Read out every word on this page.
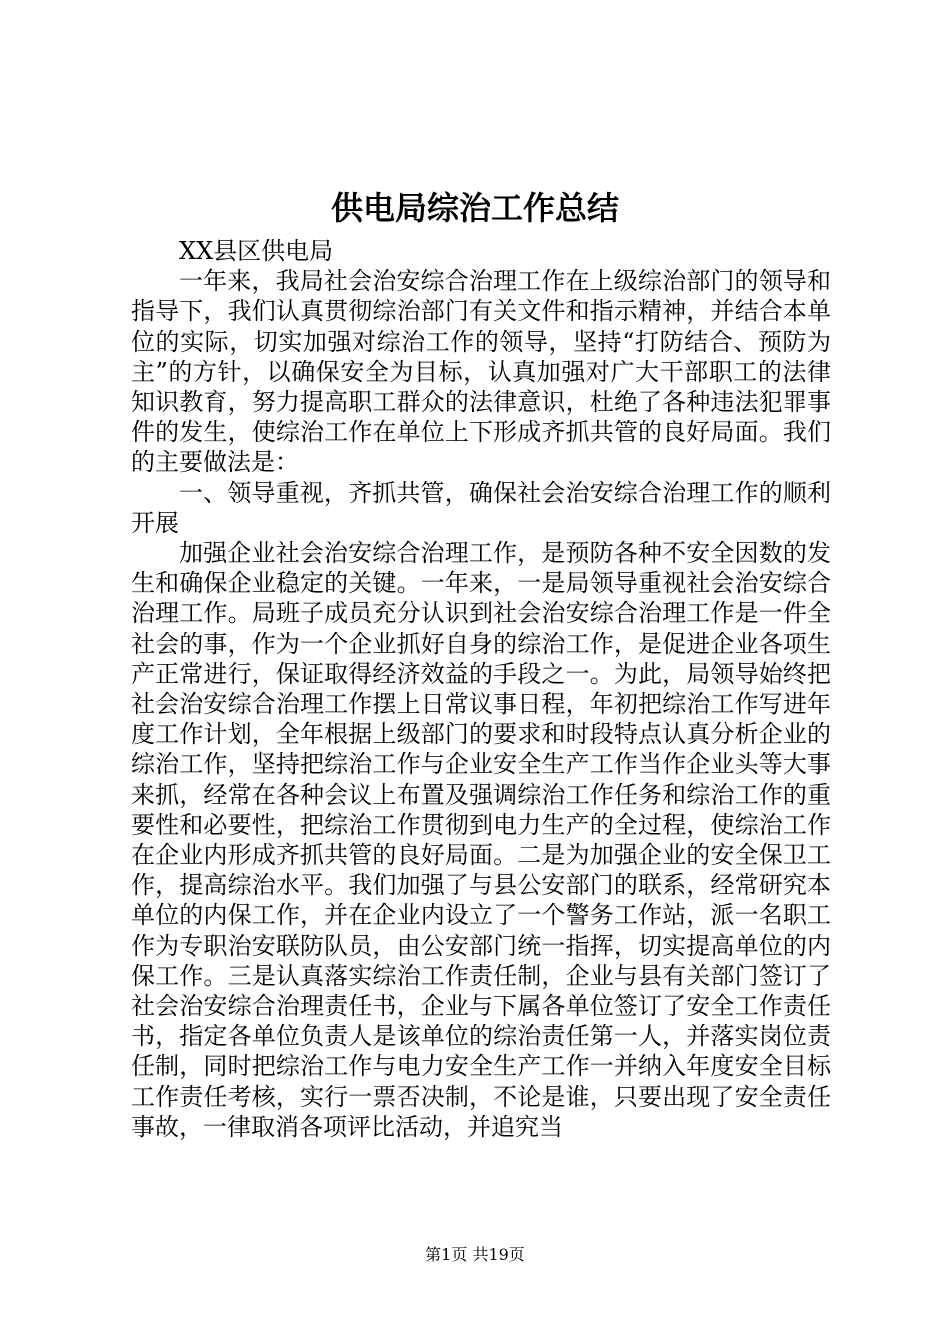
供电局综治工作总结

XX县区供电局

一年来，我局社会治安综合治理工作在上级综治部门的领导和指导下，我们认真贯彻综治部门有关文件和指示精神，并结合本单位的实际，切实加强对综治工作的领导，坚持“打防结合、预防为主”的方针，以确保安全为目标，认真加强对广大干部职工的法律知识教育，努力提高职工群众的法律意识，杜绝了各种违法犯罪事件的发生，使综治工作在单位上下形成齐抓共管的良好局面。我们的主要做法是：

一、领导重视，齐抓共管，确保社会治安综合治理工作的顺利开展

加强企业社会治安综合治理工作，是预防各种不安全因数的发生和确保企业稳定的关键。一年来，一是局领导重视社会治安综合治理工作。局班子成员充分认识到社会治安综合治理工作是一件全社会的事，作为一个企业抓好自身的综治工作，是促进企业各项生产正常进行，保证取得经济效益的手段之一。为此，局领导始终把社会治安综合治理工作摆上日常议事日程，年初把综治工作写进年度工作计划，全年根据上级部门的要求和时段特点认真分析企业的综治工作，坚持把综治工作与企业安全生产工作当作企业头等大事来抓，经常在各种会议上布置及强调综治工作任务和综治工作的重要性和必要性，把综治工作贯彻到电力生产的全过程，使综治工作在企业内形成齐抓共管的良好局面。二是为加强企业的安全保卫工作，提高综治水平。我们加强了与县公安部门的联系，经常研究本单位的内保工作，并在企业内设立了一个警务工作站，派一名职工作为专职治安联防队员，由公安部门统一指挥，切实提高单位的内保工作。三是认真落实综治工作责任制，企业与县有关部门签订了社会治安综合治理责任书，企业与下属各单位签订了安全工作责任书，指定各单位负责人是该单位的综治责任第一人，并落实岗位责任制，同时把综治工作与电力安全生产工作一并纳入年度安全目标工作责任考核，实行一票否决制，不论是谁，只要出现了安全责任事故，一律取消各项评比活动，并追究当

第1页 共19页
